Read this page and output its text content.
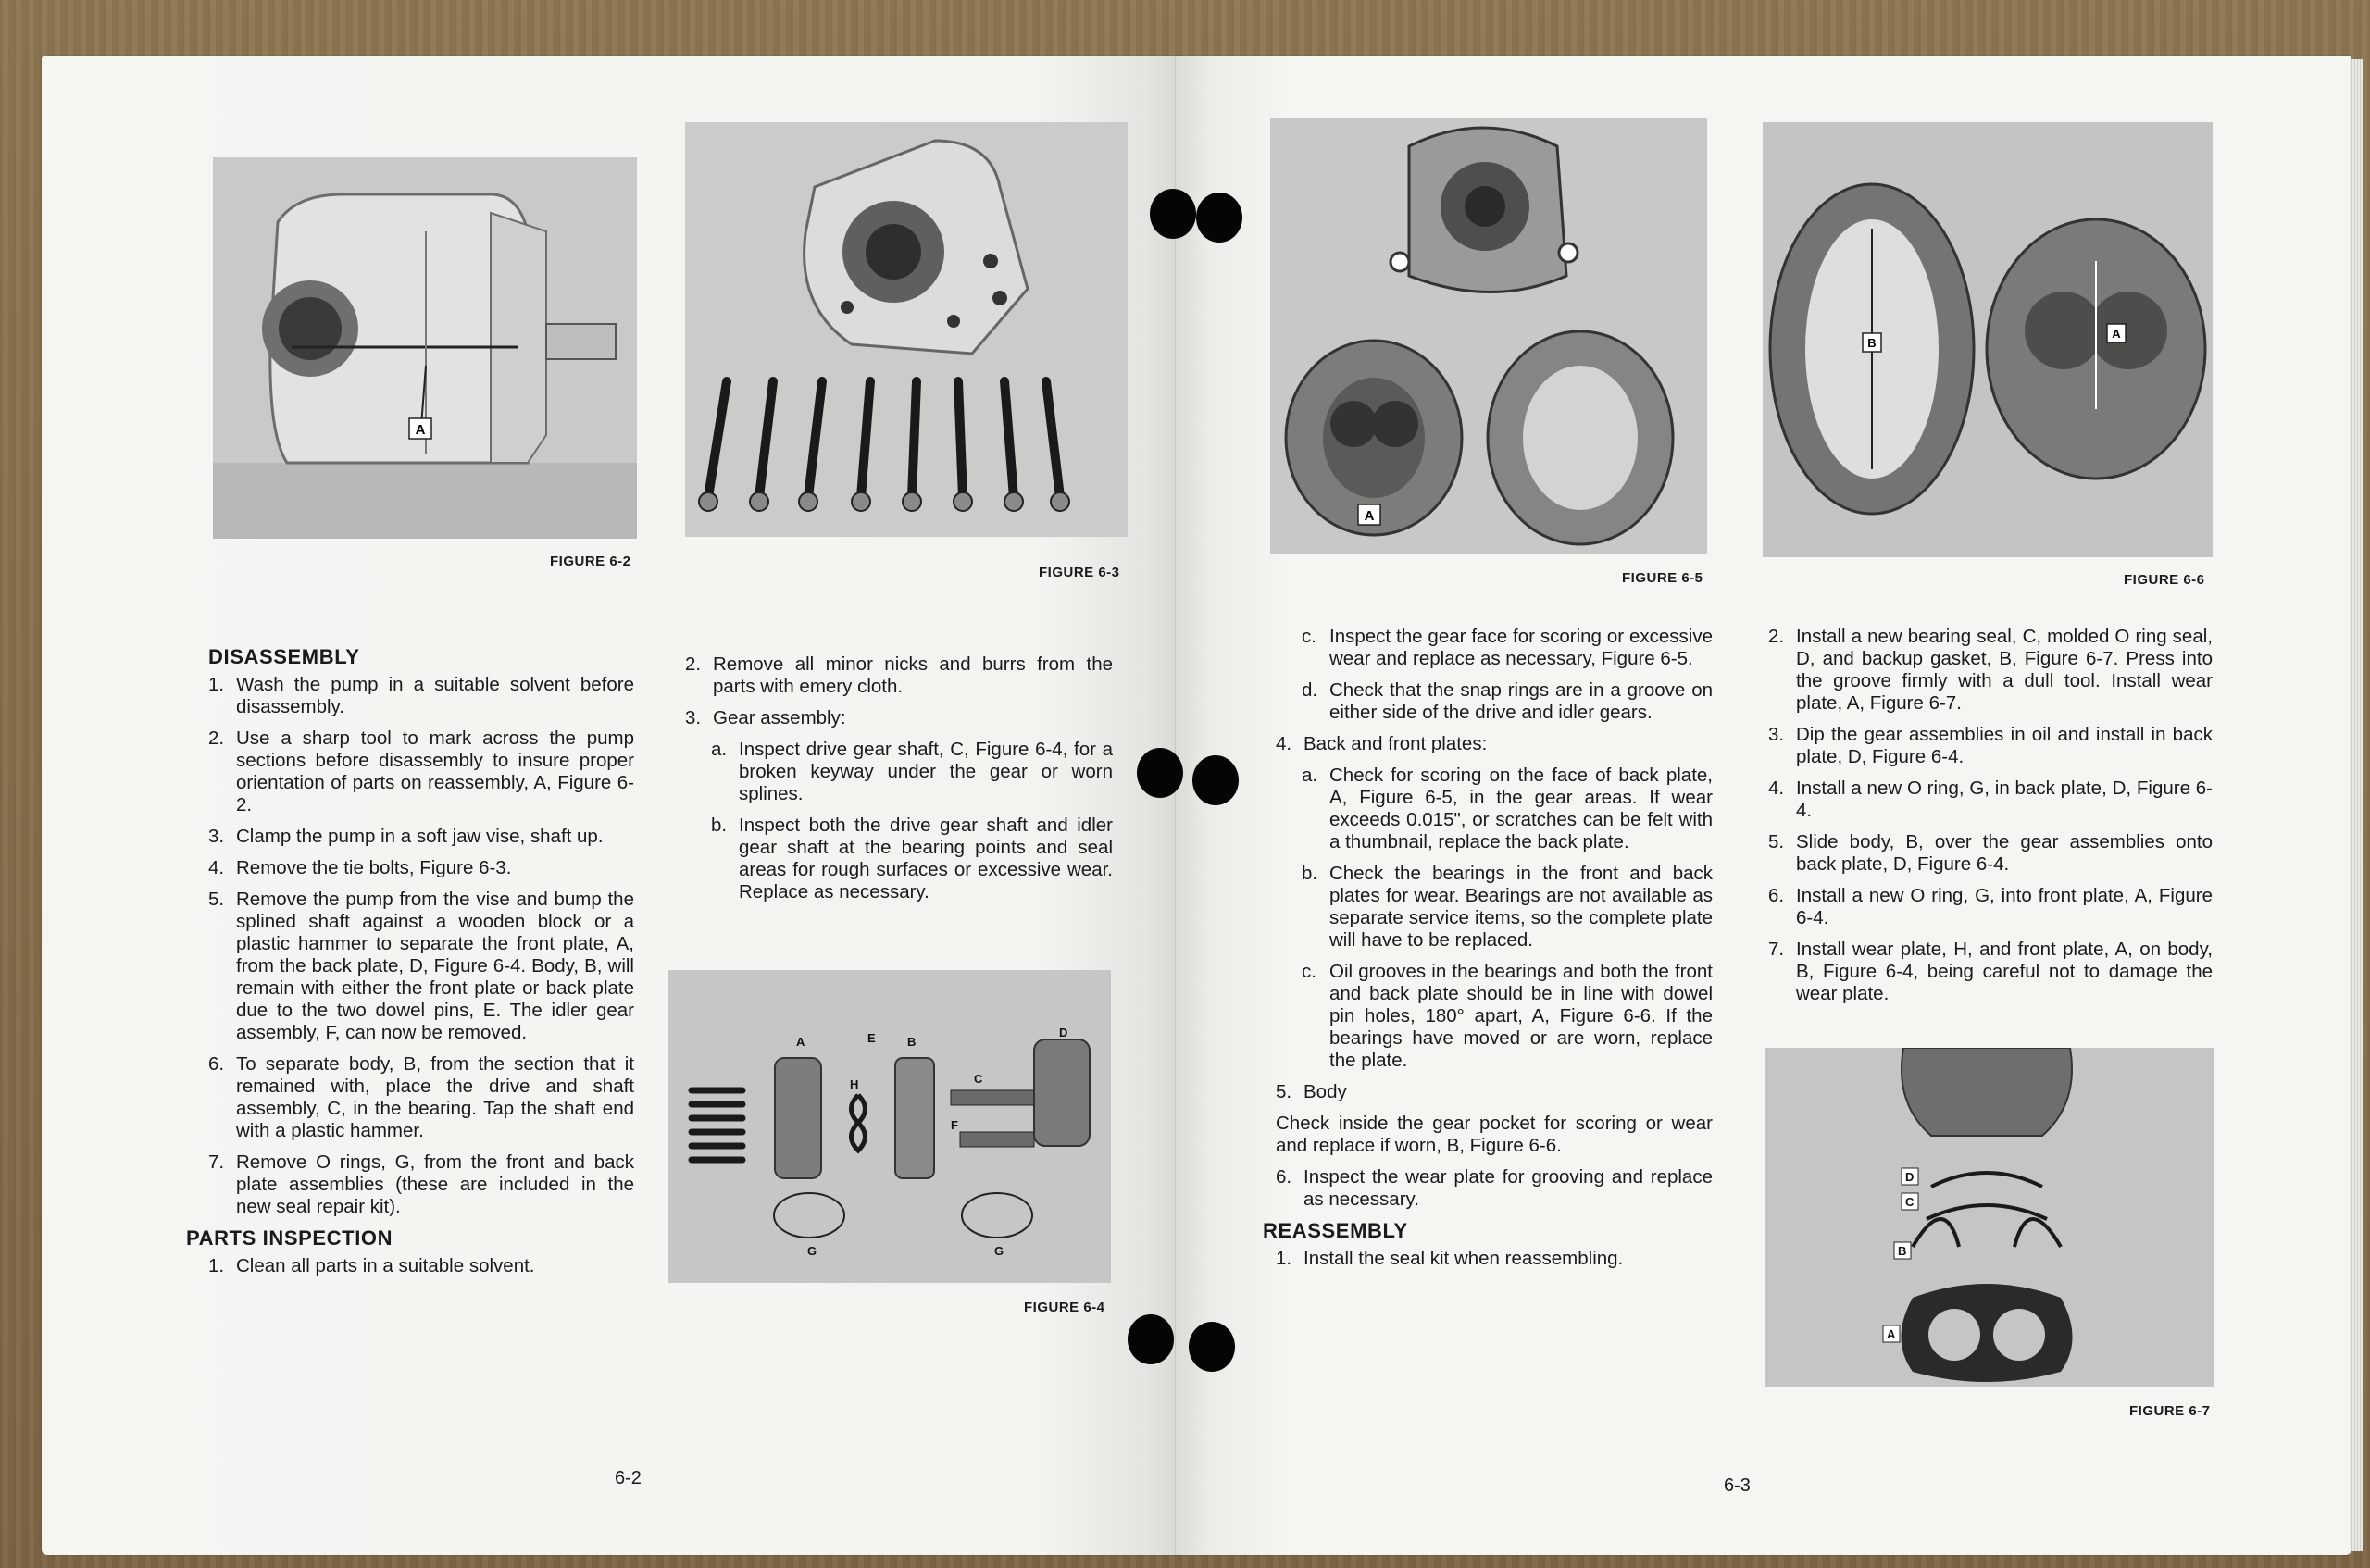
A
FIGURE 6-2
FIGURE 6-3
DISASSEMBLY
1. Wash the pump in a suitable solvent before disassembly.
2. Use a sharp tool to mark across the pump sections before disassembly to insure proper orientation of parts on reassembly, A, Figure 6-2.
3. Clamp the pump in a soft jaw vise, shaft up.
4. Remove the tie bolts, Figure 6-3.
5. Remove the pump from the vise and bump the splined shaft against a wooden block or a plastic hammer to separate the front plate, A, from the back plate, D, Figure 6-4. Body, B, will remain with either the front plate or back plate due to the two dowel pins, E. The idler gear assembly, F, can now be removed.
6. To separate body, B, from the section that it remained with, place the drive and shaft assembly, C, in the bearing. Tap the shaft end with a plastic hammer.
7. Remove O rings, G, from the front and back plate assemblies (these are included in the new seal repair kit).
PARTS INSPECTION
1. Clean all parts in a suitable solvent.
2. Remove all minor nicks and burrs from the parts with emery cloth.
3. Gear assembly:
a. Inspect drive gear shaft, C, Figure 6-4, for a broken keyway under the gear or worn splines.
b. Inspect both the drive gear shaft and idler gear shaft at the bearing points and seal areas for rough surfaces or excessive wear. Replace as necessary.
A	E	B
D
C
F
H
G	G
FIGURE 6-4
6-2
A
FIGURE 6-5
B
A
FIGURE 6-6
c. Inspect the gear face for scoring or excessive wear and replace as necessary, Figure 6-5.
d. Check that the snap rings are in a groove on either side of the drive and idler gears.
4. Back and front plates:
a. Check for scoring on the face of back plate, A, Figure 6-5, in the gear areas. If wear exceeds 0.015", or scratches can be felt with a thumbnail, replace the back plate.
b. Check the bearings in the front and back plates for wear. Bearings are not available as separate service items, so the complete plate will have to be replaced.
c. Oil grooves in the bearings and both the front and back plate should be in line with dowel pin holes, 180° apart, A, Figure 6-6. If the bearings have moved or are worn, replace the plate.
5. Body
Check inside the gear pocket for scoring or wear and replace if worn, B, Figure 6-6.
6. Inspect the wear plate for grooving and replace as necessary.
REASSEMBLY
1. Install the seal kit when reassembling.
2. Install a new bearing seal, C, molded O ring seal, D, and backup gasket, B, Figure 6-7. Press into the groove firmly with a dull tool. Install wear plate, A, Figure 6-7.
3. Dip the gear assemblies in oil and install in back plate, D, Figure 6-4.
4. Install a new O ring, G, in back plate, D, Figure 6-4.
5. Slide body, B, over the gear assemblies onto back plate, D, Figure 6-4.
6. Install a new O ring, G, into front plate, A, Figure 6-4.
7. Install wear plate, H, and front plate, A, on body, B, Figure 6-4, being careful not to damage the wear plate.
D
C
B
A
FIGURE 6-7
6-3
